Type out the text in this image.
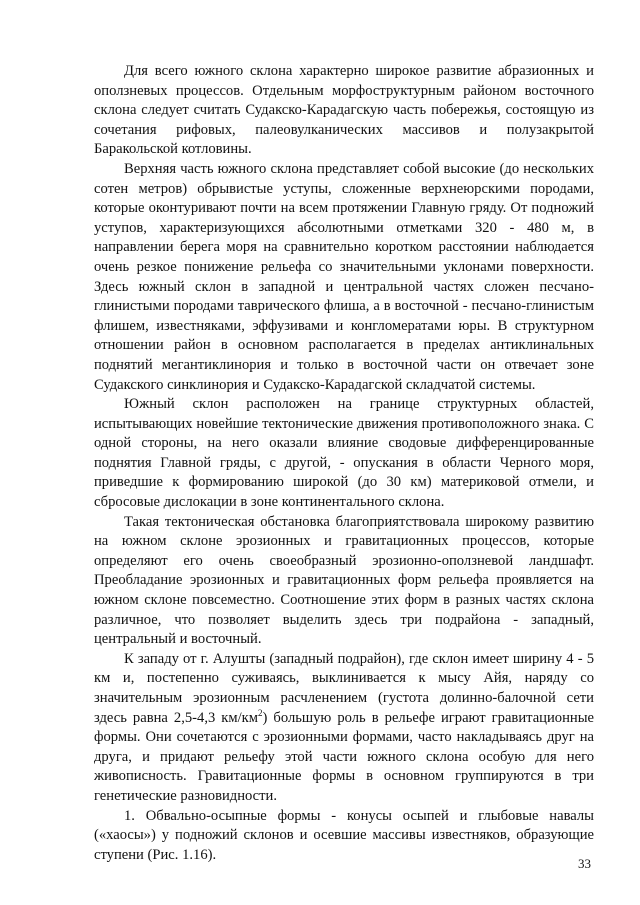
Для всего южного склона характерно широкое развитие абразионных и оползневых процессов. Отдельным морфоструктурным районом восточного склона следует считать Судакско-Карадагскую часть побережья, состоящую из сочетания рифовых, палеовулканических массивов и полузакрытой Баракольской котловины.

Верхняя часть южного склона представляет собой высокие (до нескольких сотен метров) обрывистые уступы, сложенные верхнеюрскими породами, которые оконтуривают почти на всем протяжении Главную гряду. От подножий уступов, характеризующихся абсолютными отметками 320 - 480 м, в направлении берега моря на сравнительно коротком расстоянии наблюдается очень резкое понижение рельефа со значительными уклонами поверхности. Здесь южный склон в западной и центральной частях сложен песчано-глинистыми породами таврического флиша, а в восточной - песчано-глинистым флишем, известняками, эффузивами и конгломератами юры. В структурном отношении район в основном располагается в пределах антиклинальных поднятий мегантиклинория и только в восточной части он отвечает зоне Судакского синклинория и Судакско-Карадагской складчатой системы.

Южный склон расположен на границе структурных областей, испытывающих новейшие тектонические движения противоположного знака. С одной стороны, на него оказали влияние сводовые дифференцированные поднятия Главной гряды, с другой, - опускания в области Черного моря, приведшие к формированию широкой (до 30 км) материковой отмели, и сбросовые дислокации в зоне континентального склона.

Такая тектоническая обстановка благоприятствовала широкому развитию на южном склоне эрозионных и гравитационных процессов, которые определяют его очень своеобразный эрозионно-оползневой ландшафт. Преобладание эрозионных и гравитационных форм рельефа проявляется на южном склоне повсеместно. Соотношение этих форм в разных частях склона различное, что позволяет выделить здесь три подрайона - западный, центральный и восточный.

К западу от г. Алушты (западный подрайон), где склон имеет ширину 4 - 5 км и, постепенно суживаясь, выклинивается к мысу Айя, наряду со значительным эрозионным расчленением (густота долинно-балочной сети здесь равна 2,5-4,3 $км/км^2$) большую роль в рельефе играют гравитационные формы. Они сочетаются с эрозионными формами, часто накладываясь друг на друга, и придают рельефу этой части южного склона особую для него живописность. Гравитационные формы в основном группируются в три генетические разновидности.

1. Обвально-осыпные формы - конусы осыпей и глыбовые навалы («хаосы») у подножий склонов и осевшие массивы известняков, образующие ступени (Рис. 1.16).

33
